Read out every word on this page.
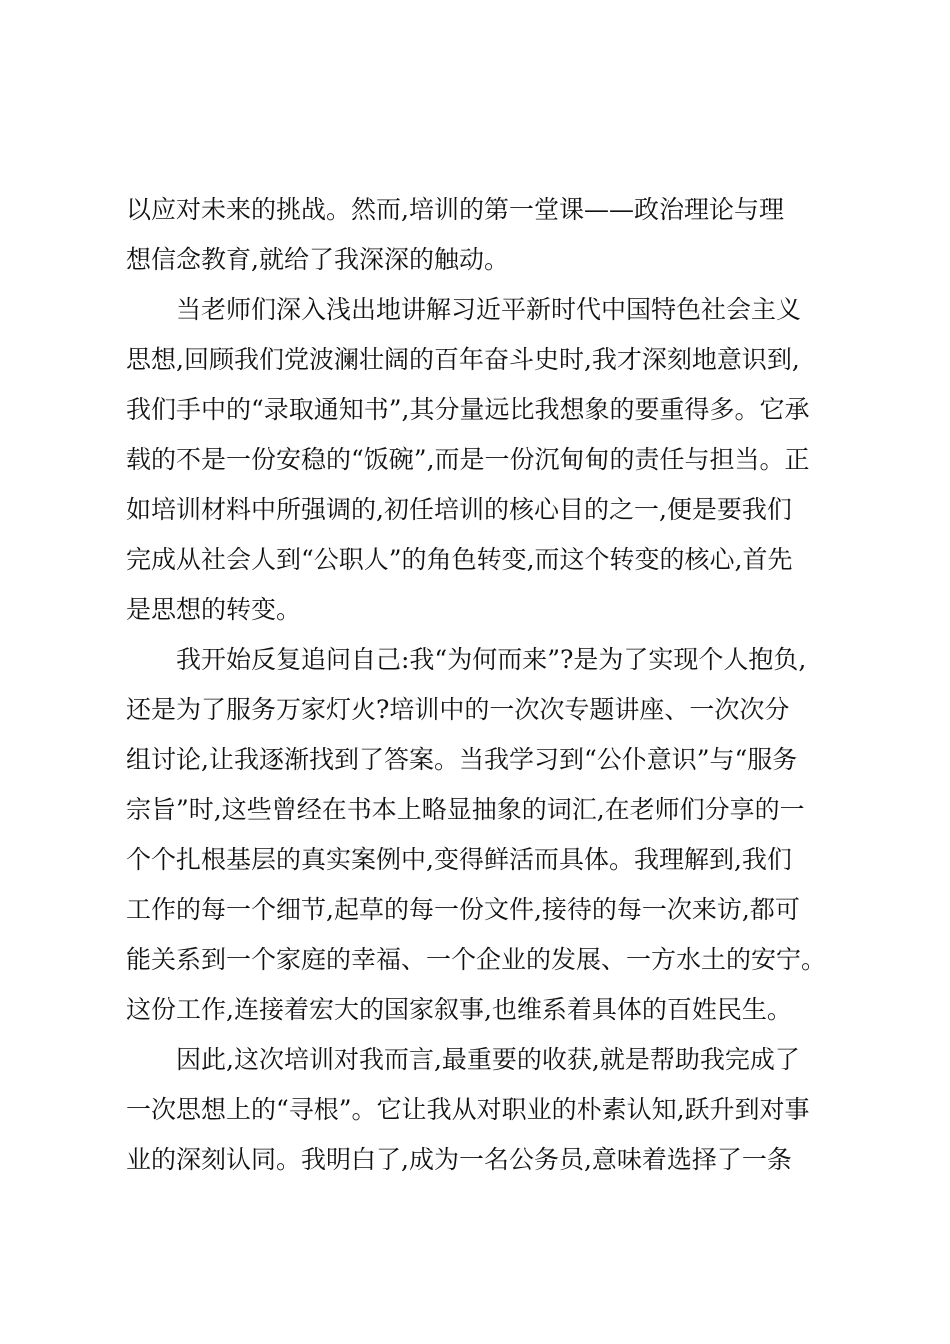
以应对未来的挑战。然而,培训的第一堂课——政治理论与理
想信念教育,就给了我深深的触动。
当老师们深入浅出地讲解习近平新时代中国特色社会主义
思想,回顾我们党波澜壮阔的百年奋斗史时,我才深刻地意识到,
我们手中的“录取通知书”,其分量远比我想象的要重得多。它承
载的不是一份安稳的“饭碗”,而是一份沉甸甸的责任与担当。正
如培训材料中所强调的,初任培训的核心目的之一,便是要我们
完成从社会人到“公职人”的角色转变,而这个转变的核心,首先
是思想的转变。
我开始反复追问自己:我“为何而来”?是为了实现个人抱负,
还是为了服务万家灯火?培训中的一次次专题讲座、一次次分
组讨论,让我逐渐找到了答案。当我学习到“公仆意识”与“服务
宗旨”时,这些曾经在书本上略显抽象的词汇,在老师们分享的一
个个扎根基层的真实案例中,变得鲜活而具体。我理解到,我们
工作的每一个细节,起草的每一份文件,接待的每一次来访,都可
能关系到一个家庭的幸福、一个企业的发展、一方水土的安宁。
这份工作,连接着宏大的国家叙事,也维系着具体的百姓民生。
因此,这次培训对我而言,最重要的收获,就是帮助我完成了
一次思想上的“寻根”。它让我从对职业的朴素认知,跃升到对事
业的深刻认同。我明白了,成为一名公务员,意味着选择了一条
